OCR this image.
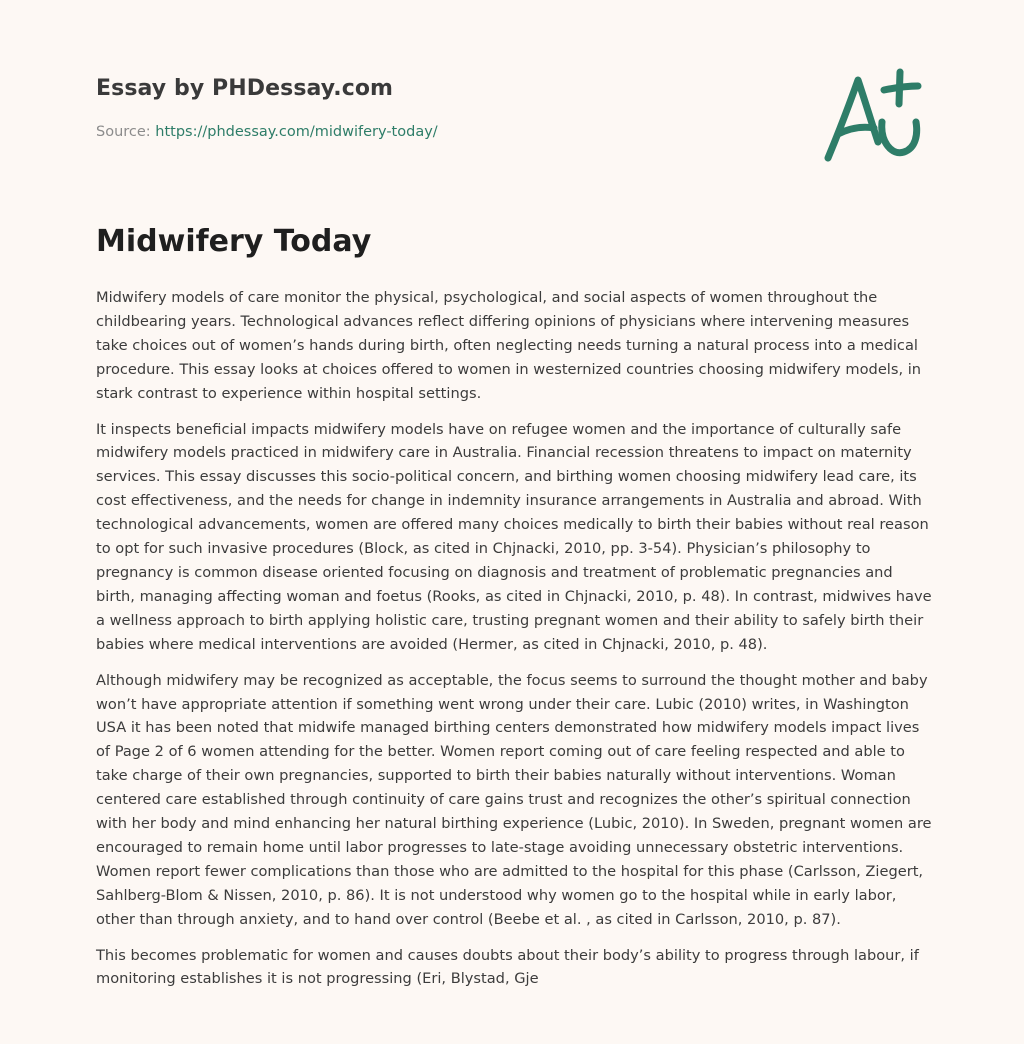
Essay by PHDessay.com
Source: https://phdessay.com/midwifery-today/
Midwifery Today

Midwifery models of care monitor the physical, psychological, and social aspects of women throughout the childbearing years. Technological advances reflect differing opinions of physicians where intervening measures take choices out of women’s hands during birth, often neglecting needs turning a natural process into a medical procedure. This essay looks at choices offered to women in westernized countries choosing midwifery models, in stark contrast to experience within hospital settings.

It inspects beneficial impacts midwifery models have on refugee women and the importance of culturally safe midwifery models practiced in midwifery care in Australia. Financial recession threatens to impact on maternity services. This essay discusses this socio-political concern, and birthing women choosing midwifery lead care, its cost effectiveness, and the needs for change in indemnity insurance arrangements in Australia and abroad. With technological advancements, women are offered many choices medically to birth their babies without real reason to opt for such invasive procedures (Block, as cited in Chjnacki, 2010, pp. 3-54). Physician’s philosophy to pregnancy is common disease oriented focusing on diagnosis and treatment of problematic pregnancies and birth, managing affecting woman and foetus (Rooks, as cited in Chjnacki, 2010, p. 48). In contrast, midwives have a wellness approach to birth applying holistic care, trusting pregnant women and their ability to safely birth their babies where medical interventions are avoided (Hermer, as cited in Chjnacki, 2010, p. 48).

Although midwifery may be recognized as acceptable, the focus seems to surround the thought mother and baby won’t have appropriate attention if something went wrong under their care. Lubic (2010) writes, in Washington USA it has been noted that midwife managed birthing centers demonstrated how midwifery models impact lives of Page 2 of 6 women attending for the better. Women report coming out of care feeling respected and able to take charge of their own pregnancies, supported to birth their babies naturally without interventions. Woman centered care established through continuity of care gains trust and recognizes the other’s spiritual connection with her body and mind enhancing her natural birthing experience (Lubic, 2010). In Sweden, pregnant women are encouraged to remain home until labor progresses to late-stage avoiding unnecessary obstetric interventions. Women report fewer complications than those who are admitted to the hospital for this phase (Carlsson, Ziegert, Sahlberg-Blom & Nissen, 2010, p. 86). It is not understood why women go to the hospital while in early labor, other than through anxiety, and to hand over control (Beebe et al. , as cited in Carlsson, 2010, p. 87).

This becomes problematic for women and causes doubts about their body’s ability to progress through labour, if monitoring establishes it is not progressing (Eri, Blystad, Gje
